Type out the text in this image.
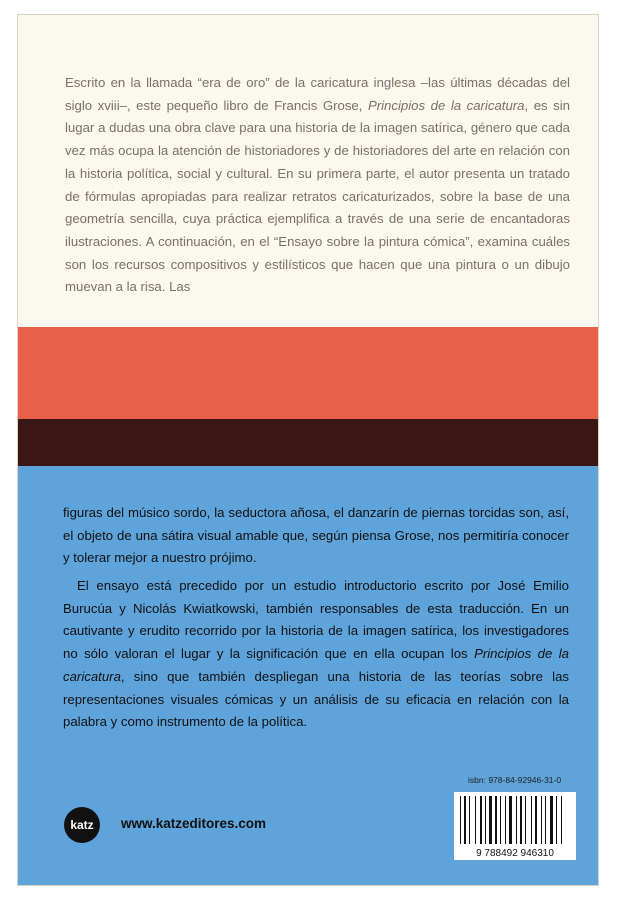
Escrito en la llamada “era de oro” de la caricatura inglesa –las últimas décadas del siglo xviii–, este pequeño libro de Francis Grose, Principios de la caricatura, es sin lugar a dudas una obra clave para una historia de la imagen satírica, género que cada vez más ocupa la atención de historiadores y de historiadores del arte en relación con la historia política, social y cultural. En su primera parte, el autor presenta un tratado de fórmulas apropiadas para realizar retratos caricaturizados, sobre la base de una geometría sencilla, cuya práctica ejemplifica a través de una serie de encantadoras ilustraciones. A continuación, en el “Ensayo sobre la pintura cómica”, examina cuáles son los recursos compositivos y estilísticos que hacen que una pintura o un dibujo muevan a la risa. Las

figuras del músico sordo, la seductora añosa, el danzarín de piernas torcidas son, así, el objeto de una sátira visual amable que, según piensa Grose, nos permitiría conocer y tolerar mejor a nuestro prójimo.

El ensayo está precedido por un estudio introductorio escrito por José Emilio Burucúa y Nicolás Kwiatkowski, también responsables de esta traducción. En un cautivante y erudito recorrido por la historia de la imagen satírica, los investigadores no sólo valoran el lugar y la significación que en ella ocupan los Principios de la caricatura, sino que también despliegan una historia de las teorías sobre las representaciones visuales cómicas y un análisis de su eficacia en relación con la palabra y como instrumento de la política.

isbn: 978-84-92946-31-0
9 788492 946310
katz www.katzeditores.com
